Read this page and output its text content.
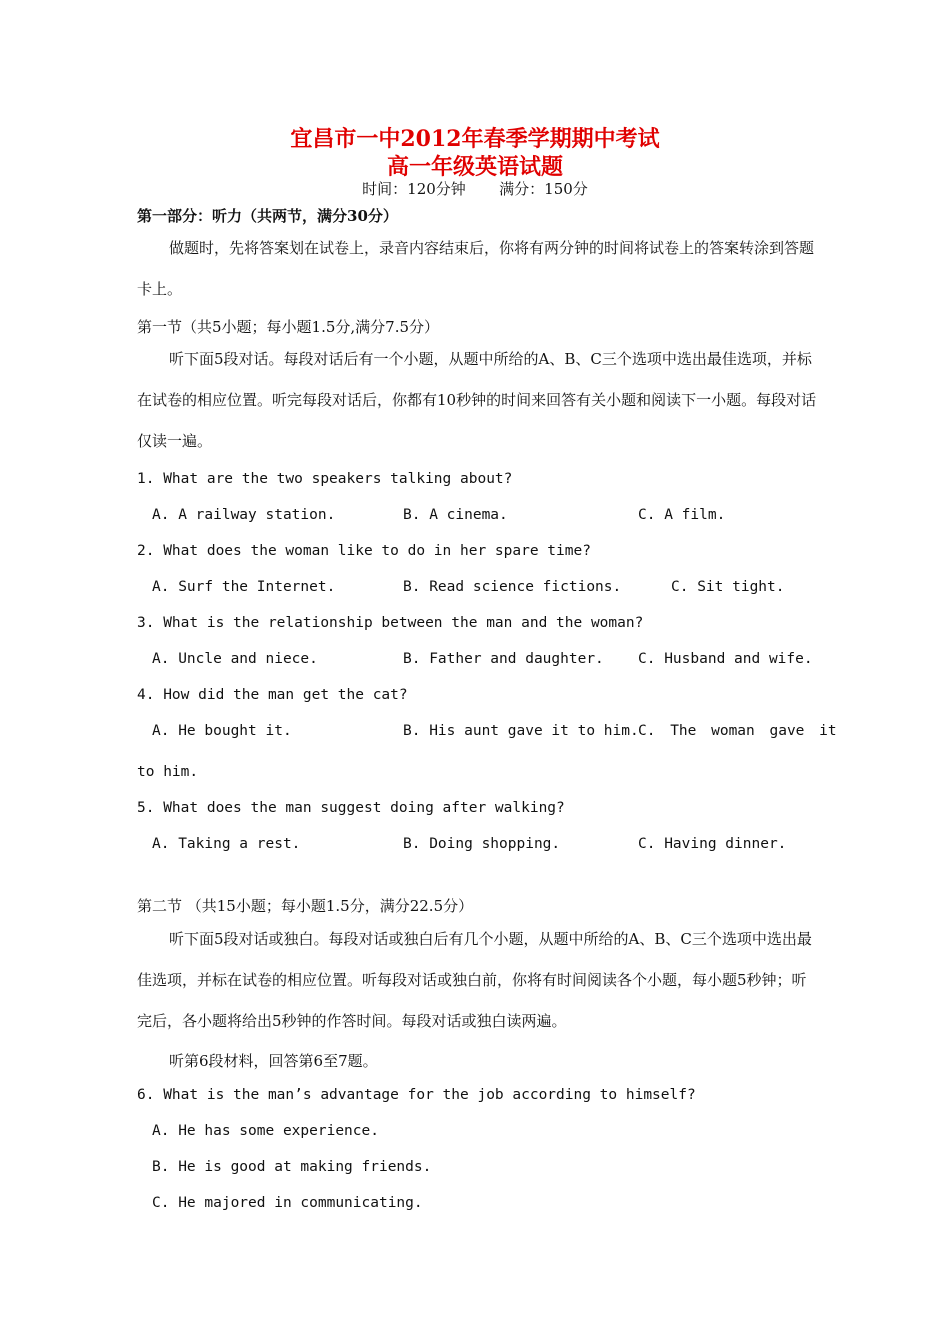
宜昌市一中2012年春季学期期中考试
高一年级英语试题
时间：120分钟       满分：150分
第一部分：听力（共两节，满分30分）
做题时，先将答案划在试卷上，录音内容结束后，你将有两分钟的时间将试卷上的答案转涂到答题卡上。
第一节（共5小题；每小题1.5分,满分7.5分）
听下面5段对话。每段对话后有一个小题，从题中所给的A、B、C三个选项中选出最佳选项，并标在试卷的相应位置。听完每段对话后，你都有10秒钟的时间来回答有关小题和阅读下一小题。每段对话仅读一遍。
1. What are the two speakers talking about?
A. A railway station.	B. A cinema.	C. A film.
2. What does the woman like to do in her spare time?
A. Surf the Internet.	B. Read science fictions.	C. Sit tight.
3. What is the relationship between the man and the woman?
A. Uncle and niece.	B. Father and daughter. C. Husband and wife.
4. How did the man get the cat?
A. He bought it.	B. His aunt gave it to him. C. The woman gave it
to him.
5. What does the man suggest doing after walking?
A. Taking a rest.	B. Doing shopping.	C. Having dinner.
第二节 （共15小题；每小题1.5分，满分22.5分）
听下面5段对话或独白。每段对话或独白后有几个小题，从题中所给的A、B、C三个选项中选出最佳选项，并标在试卷的相应位置。听每段对话或独白前，你将有时间阅读各个小题，每小题5秒钟；听完后，各小题将给出5秒钟的作答时间。每段对话或独白读两遍。
听第6段材料，回答第6至7题。
6. What is the man’s advantage for the job according to himself?
A. He has some experience.
B. He is good at making friends.
C. He majored in communicating.
